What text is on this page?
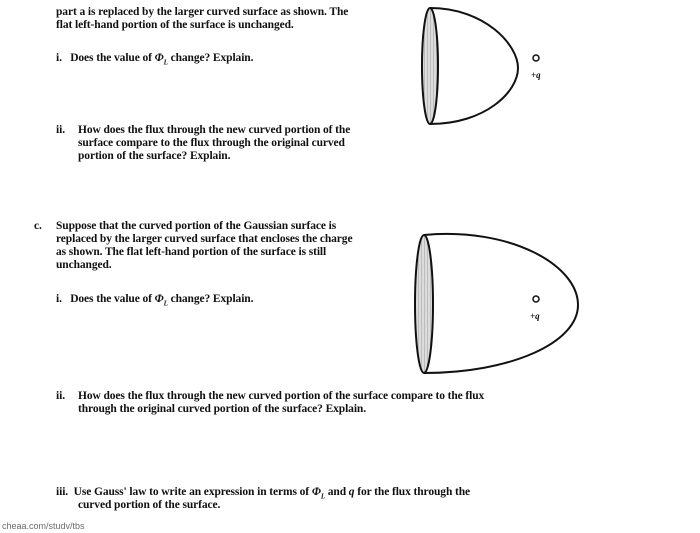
part a is replaced by the larger curved surface as shown. The
flat left-hand portion of the surface is unchanged.
i. Does the value of $\Phi_L$ change? Explain.
ii. How does the flux through the new curved portion of the
surface compare to the flux through the original curved
portion of the surface? Explain.
c. Suppose that the curved portion of the Gaussian surface is
replaced by the larger curved surface that encloses the charge
as shown. The flat left-hand portion of the surface is still
unchanged.
i. Does the value of $\Phi_L$ change? Explain.
ii. How does the flux through the new curved portion of the surface compare to the flux
through the original curved portion of the surface? Explain.
iii. Use Gauss' law to write an expression in terms of $\Phi_L$ and q for the flux through the
curved portion of the surface.
+q
+q
cheaa.com/studv/tbs
